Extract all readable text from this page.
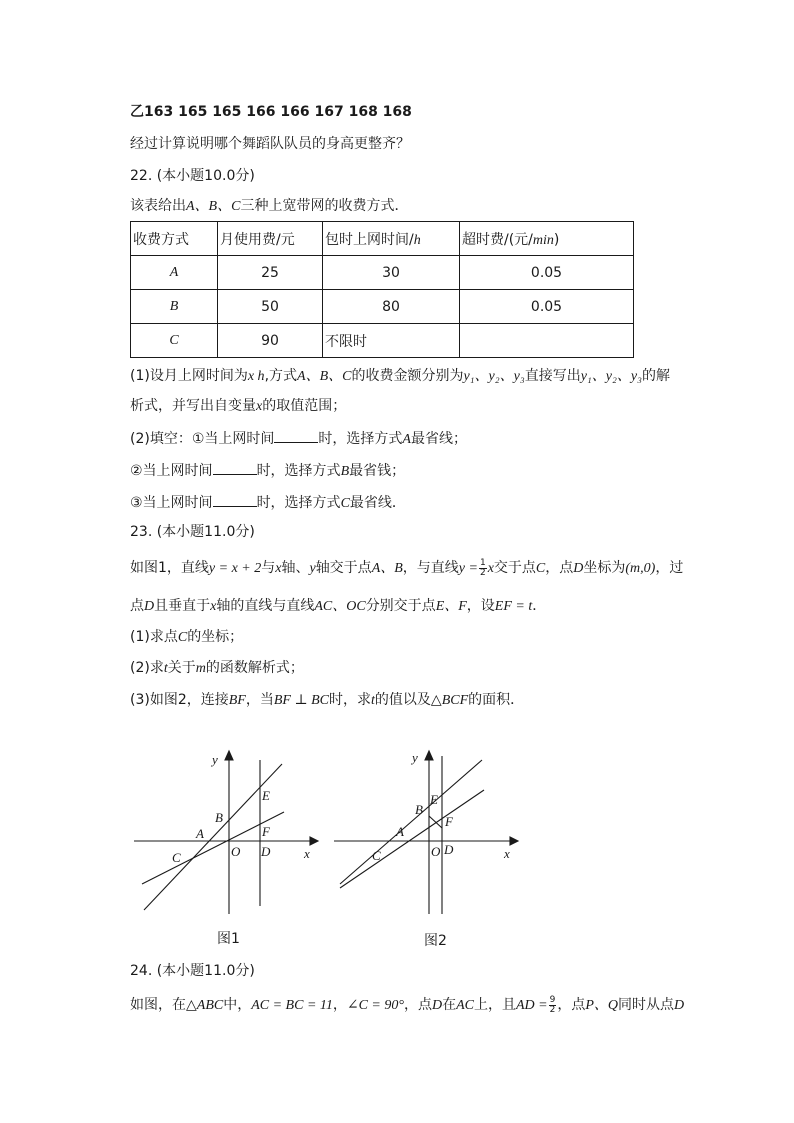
乙163 165 165 166 166 167 168 168
经过计算说明哪个舞蹈队队员的身高更整齐？
22. (本小题10.0分)
该表给出A、B、C三种上宽带网的收费方式．
收费方式	月使用费/元	包时上网时间/h	超时费/(元/min)
A	25	30	0.05
B	50	80	0.05
C	90	不限时	
(1)设月上网时间为x h,方式A、B、C的收费金额分别为y₁、y₂、y₃直接写出y₁、y₂、y₃的解
析式，并写出自变量x的取值范围；
(2)填空：①当上网时间	时，选择方式A最省线；
②当上网时间	时，选择方式B最省钱；
③当上网时间	时，选择方式C最省线．
23. (本小题11.0分)
如图1，直线y = x + 2与x轴、y轴交于点A、B，与直线$y = \frac{1}{2}$ x交于点C，点D坐标为(m,0)，过
点D且垂直于x轴的直线与直线AC、OC分别交于点E、F，设EF = t．
(1)求点C的坐标；
(2)求t关于m的函数解析式；
(3)如图2，连接BF，当BF ⊥ BC时，求t的值以及△BCF的面积．
y
x
O
A
B
C	D
E
F
图1
y
x
O
A
B
C	D
E
F
图2
24. (本小题11.0分)
如图，在△ABC中，AC = BC = 11，∠C = 90°，点D在AC上，且AD = $\frac{9}{2}$ ，点P、Q同时从点D
